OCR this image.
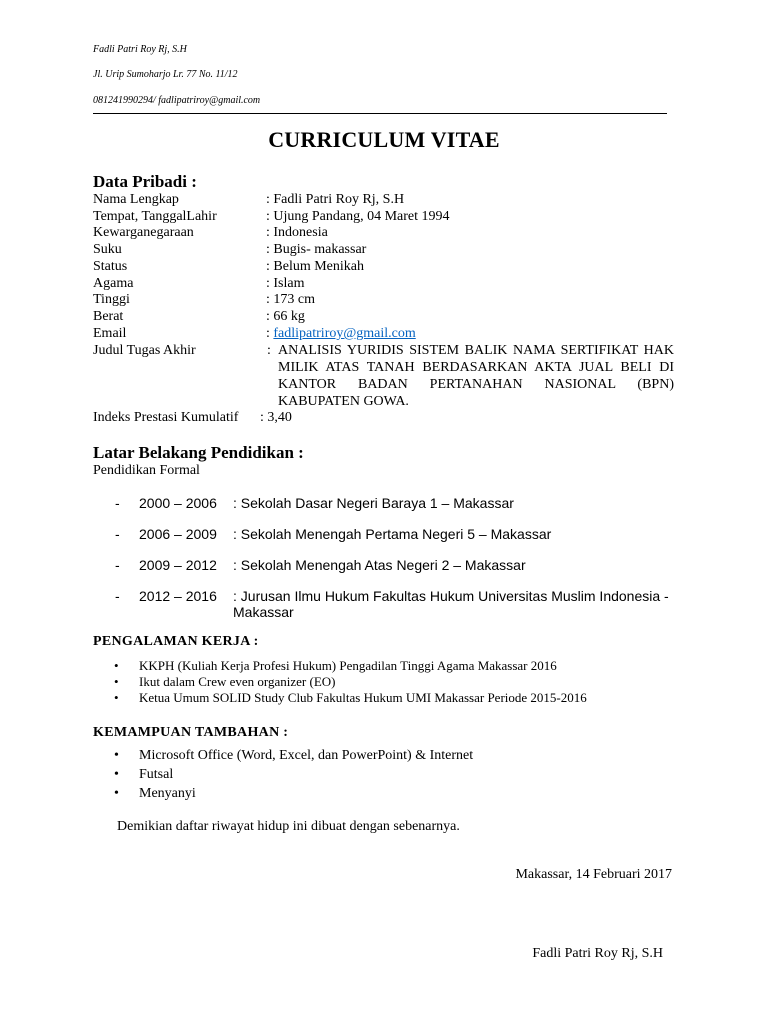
Fadli Patri Roy Rj, S.H
Jl. Urip Sumoharjo Lr. 77 No. 11/12
081241990294/ fadlipatriroy@gmail.com
CURRICULUM VITAE
Data Pribadi :
Nama Lengkap	: Fadli Patri Roy Rj, S.H
Tempat, TanggalLahir	: Ujung Pandang, 04 Maret 1994
Kewarganegaraan	: Indonesia
Suku	: Bugis- makassar
Status	: Belum Menikah
Agama	: Islam
Tinggi	: 173 cm
Berat	: 66 kg
Email	: fadlipatriroy@gmail.com
Judul Tugas Akhir	: ANALISIS YURIDIS SISTEM BALIK NAMA SERTIFIKAT HAK MILIK ATAS TANAH BERDASARKAN AKTA JUAL BELI DI KANTOR BADAN PERTANAHAN NASIONAL (BPN) KABUPATEN GOWA.
Indeks Prestasi Kumulatif : 3,40
Latar Belakang Pendidikan :
Pendidikan Formal
- 2000 – 2006 : Sekolah Dasar Negeri Baraya 1 – Makassar
- 2006 – 2009 : Sekolah Menengah Pertama Negeri 5 – Makassar
- 2009 – 2012 : Sekolah Menengah Atas Negeri 2 – Makassar
- 2012 – 2016 : Jurusan Ilmu Hukum Fakultas Hukum Universitas Muslim Indonesia - Makassar
PENGALAMAN KERJA :
• KKPH (Kuliah Kerja Profesi Hukum) Pengadilan Tinggi Agama Makassar 2016
• Ikut dalam Crew even organizer (EO)
• Ketua Umum SOLID Study Club Fakultas Hukum UMI Makassar Periode 2015-2016
KEMAMPUAN TAMBAHAN :
• Microsoft Office (Word, Excel, dan PowerPoint) & Internet
• Futsal
• Menyanyi
Demikian daftar riwayat hidup ini dibuat dengan sebenarnya.
Makassar, 14 Februari 2017
Fadli Patri Roy Rj, S.H
